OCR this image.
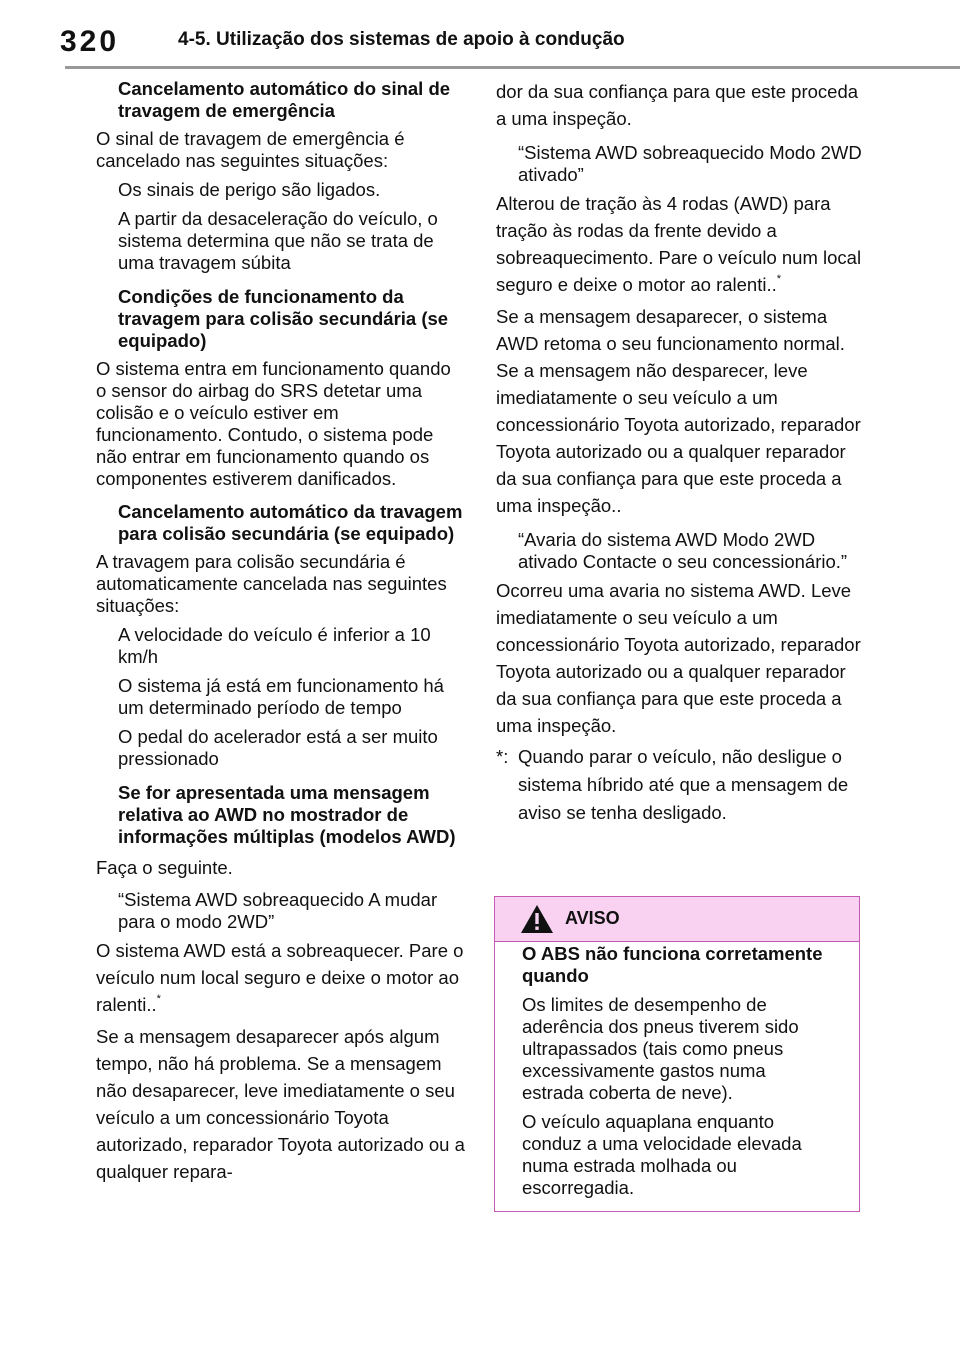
320	4-5. Utilização dos sistemas de apoio à condução

Cancelamento automático do sinal de travagem de emergência

O sinal de travagem de emergência é cancelado nas seguintes situações:

Os sinais de perigo são ligados.

A partir da desaceleração do veículo, o sistema determina que não se trata de uma travagem súbita

Condições de funcionamento da travagem para colisão secundária (se equipado)

O sistema entra em funcionamento quando o sensor do airbag do SRS detetar uma colisão e o veículo estiver em funcionamento. Contudo, o sistema pode não entrar em funcionamento quando os componentes estiverem danificados.

Cancelamento automático da travagem para colisão secundária (se equipado)

A travagem para colisão secundária é automaticamente cancelada nas seguintes situações:

A velocidade do veículo é inferior a 10 km/h

O sistema já está em funcionamento há um determinado período de tempo

O pedal do acelerador está a ser muito pressionado

Se for apresentada uma mensagem relativa ao AWD no mostrador de informações múltiplas (modelos AWD)

Faça o seguinte.

“Sistema AWD sobreaquecido A mudar para o modo 2WD”

O sistema AWD está a sobreaquecer. Pare o veículo num local seguro e deixe o motor ao ralenti..*

Se a mensagem desaparecer após algum tempo, não há problema. Se a mensagem não desaparecer, leve imediatamente o seu veículo a um concessionário Toyota autorizado, reparador Toyota autorizado ou a qualquer repara-

dor da sua confiança para que este proceda a uma inspeção.

“Sistema AWD sobreaquecido Modo 2WD ativado”

Alterou de tração às 4 rodas (AWD) para tração às rodas da frente devido a sobreaquecimento. Pare o veículo num local seguro e deixe o motor ao ralenti..*

Se a mensagem desaparecer, o sistema AWD retoma o seu funcionamento normal. Se a mensagem não desparecer, leve imediatamente o seu veículo a um concessionário Toyota autorizado, reparador Toyota autorizado ou a qualquer reparador da sua confiança para que este proceda a uma inspeção..

“Avaria do sistema AWD Modo 2WD ativado Contacte o seu concessionário.”

Ocorreu uma avaria no sistema AWD. Leve imediatamente o seu veículo a um concessionário Toyota autorizado, reparador Toyota autorizado ou a qualquer reparador da sua confiança para que este proceda a uma inspeção.

*: Quando parar o veículo, não desligue o sistema híbrido até que a mensagem de aviso se tenha desligado.
AVISO

O ABS não funciona corretamente quando

Os limites de desempenho de aderência dos pneus tiverem sido ultrapassados (tais como pneus excessivamente gastos numa estrada coberta de neve).

O veículo aquaplana enquanto conduz a uma velocidade elevada numa estrada molhada ou escorregadia.
